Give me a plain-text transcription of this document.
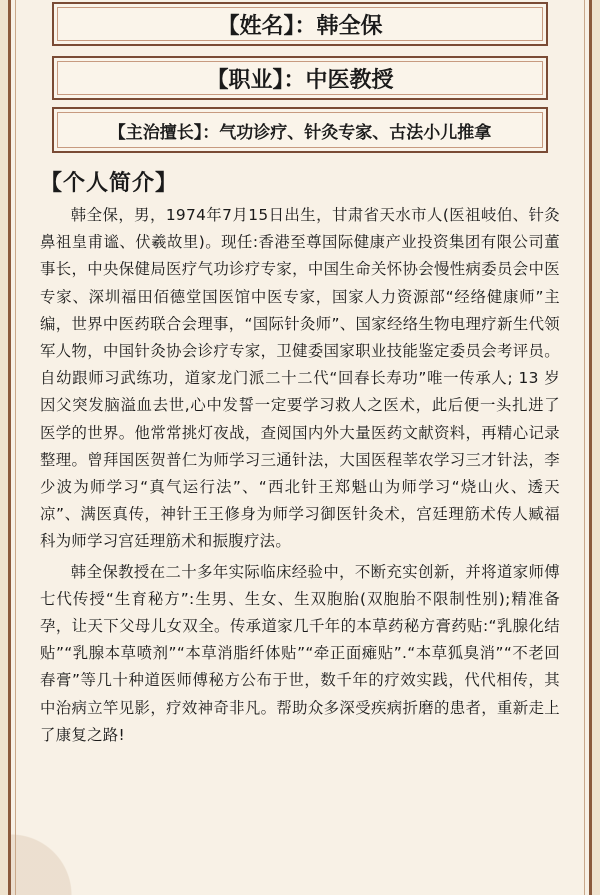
【姓名】：韩全保
【职业】：中医教授
【主治擅长】：气功诊疗、针灸专家、古法小儿推拿
【个人简介】

韩全保，男，1974年7月15日出生，甘肃省天水市人(医祖岐伯、针灸鼻祖皇甫谧、伏羲故里)。现任:香港至尊国际健康产业投资集团有限公司董事长，中央保健局医疗气功诊疗专家，中国生命关怀协会慢性病委员会中医专家、深圳福田佰德堂国医馆中医专家，国家人力资源部“经络健康师”主编，世界中医药联合会理事，“国际针灸师”、国家经络生物电理疗新生代领军人物，中国针灸协会诊疗专家，卫健委国家职业技能鉴定委员会考评员。自幼跟师习武练功，道家龙门派二十二代“回春长寿功”唯一传承人; 13 岁因父突发脑溢血去世,心中发誓一定要学习救人之医术，此后便一头扎进了医学的世界。他常常挑灯夜战，查阅国内外大量医药文献资料，再精心记录整理。曾拜国医贺普仁为师学习三通针法，大国医程莘农学习三才针法，李少波为师学习“真气运行法”、“西北针王郑魁山为师学习“烧山火、透天凉”、满医真传，神针王王修身为师学习御医针灸术，宫廷理筋术传人臧福科为师学习宫廷理筋术和振腹疗法。

韩全保教授在二十多年实际临床经验中，不断充实创新，并将道家师傅七代传授“生育秘方”:生男、生女、生双胞胎(双胞胎不限制性别);精准备孕，让天下父母儿女双全。传承道家几千年的本草药秘方膏药贴:“乳腺化结贴”“乳腺本草喷剂”“本草消脂纤体贴”“牵正面瘫贴”.“本草狐臭消”“不老回春膏”等几十种道医师傅秘方公布于世，数千年的疗效实践，代代相传，其中治病立竿见影，疗效神奇非凡。帮助众多深受疾病折磨的患者，重新走上了康复之路!
